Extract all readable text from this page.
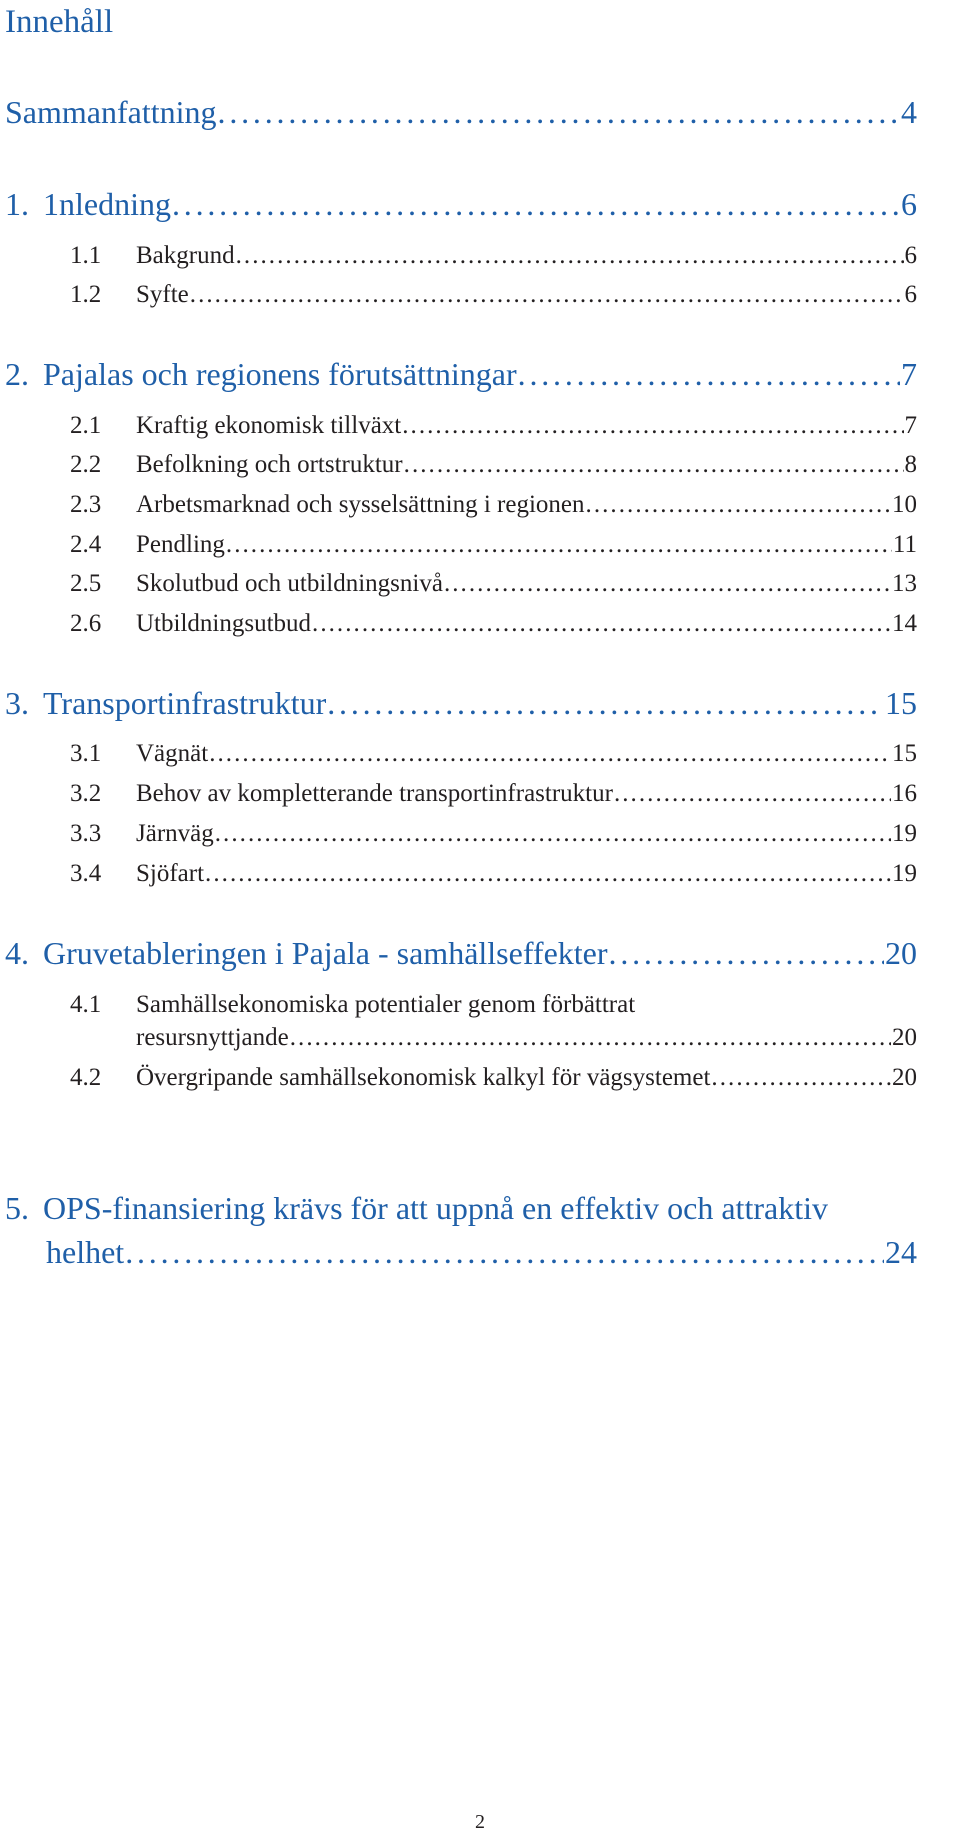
Innehåll
Sammanfattning . . .	4
1. 1nledning . . .	6
1.1	Bakgrund . . .	6
1.2	Syfte . . .	6
2. Pajalas och regionens förutsättningar . . .	7
2.1	Kraftig ekonomisk tillväxt . . .	7
2.2	Befolkning och ortstruktur . . .	8
2.3	Arbetsmarknad och sysselsättning i regionen . . .	10
2.4	Pendling . . .	11
2.5	Skolutbud och utbildningsnivå . . .	13
2.6	Utbildningsutbud . . .	14
3. Transportinfrastruktur . . .	15
3.1	Vägnät . . .	15
3.2	Behov av kompletterande transportinfrastruktur . . .	16
3.3	Järnväg . . .	19
3.4	Sjöfart . . .	19
4. Gruvetableringen i Pajala - samhällseffekter . . .	20
4.1	Samhällsekonomiska potentialer genom förbättrat
resursnyttjande . . .	20
4.2	Övergripande samhällsekonomisk kalkyl för vägsystemet . . .	20
5. OPS-finansiering krävs för att uppnå en effektiv och attraktiv
helhet . . .	24
2
